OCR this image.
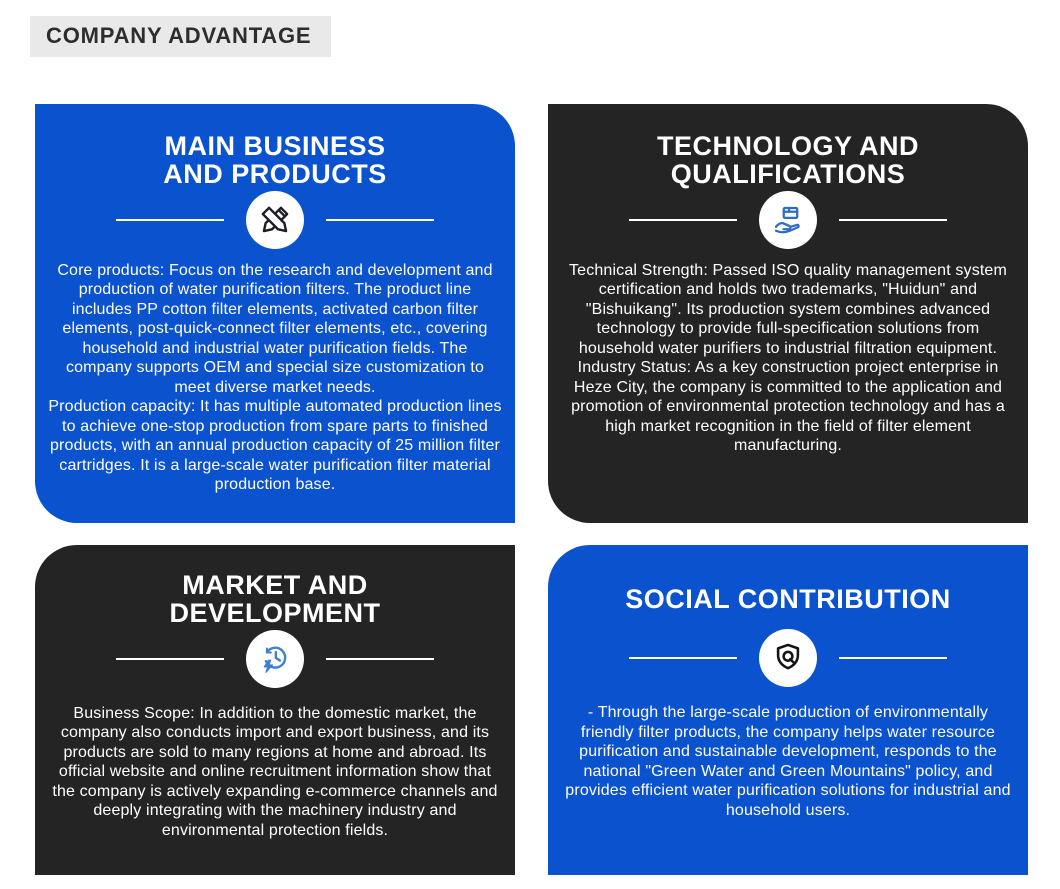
COMPANY ADVANTAGE
MAIN BUSINESS
AND PRODUCTS
Core products: Focus on the research and development and production of water purification filters. The product line includes PP cotton filter elements, activated carbon filter elements, post-quick-connect filter elements, etc., covering household and industrial water purification fields. The company supports OEM and special size customization to meet diverse market needs.
Production capacity: It has multiple automated production lines to achieve one-stop production from spare parts to finished products, with an annual production capacity of 25 million filter cartridges. It is a large-scale water purification filter material production base.
TECHNOLOGY AND
QUALIFICATIONS
Technical Strength: Passed ISO quality management system certification and holds two trademarks, "Huidun" and "Bishuikang". Its production system combines advanced technology to provide full-specification solutions from household water purifiers to industrial filtration equipment.
Industry Status: As a key construction project enterprise in Heze City, the company is committed to the application and promotion of environmental protection technology and has a high market recognition in the field of filter element manufacturing.
MARKET AND
DEVELOPMENT
Business Scope: In addition to the domestic market, the company also conducts import and export business, and its products are sold to many regions at home and abroad. Its official website and online recruitment information show that the company is actively expanding e-commerce channels and deeply integrating with the machinery industry and environmental protection fields.
SOCIAL CONTRIBUTION
- Through the large-scale production of environmentally friendly filter products, the company helps water resource purification and sustainable development, responds to the national "Green Water and Green Mountains" policy, and provides efficient water purification solutions for industrial and household users.
